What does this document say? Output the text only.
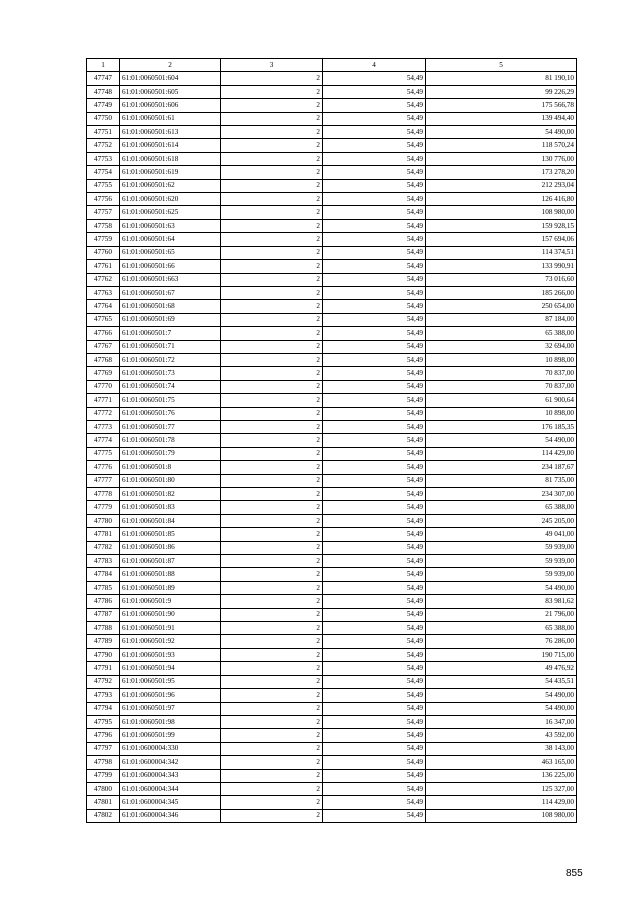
1	2	3	4	5
47747	61:01:0060501:604	2	54,49	81 190,10
47748	61:01:0060501:605	2	54,49	99 226,29
47749	61:01:0060501:606	2	54,49	175 566,78
47750	61:01:0060501:61	2	54,49	139 494,40
47751	61:01:0060501:613	2	54,49	54 490,00
47752	61:01:0060501:614	2	54,49	118 570,24
47753	61:01:0060501:618	2	54,49	130 776,00
47754	61:01:0060501:619	2	54,49	173 278,20
47755	61:01:0060501:62	2	54,49	212 293,04
47756	61:01:0060501:620	2	54,49	126 416,80
47757	61:01:0060501:625	2	54,49	108 980,00
47758	61:01:0060501:63	2	54,49	159 928,15
47759	61:01:0060501:64	2	54,49	157 694,06
47760	61:01:0060501:65	2	54,49	114 374,51
47761	61:01:0060501:66	2	54,49	133 990,91
47762	61:01:0060501:663	2	54,49	73 016,60
47763	61:01:0060501:67	2	54,49	185 266,00
47764	61:01:0060501:68	2	54,49	250 654,00
47765	61:01:0060501:69	2	54,49	87 184,00
47766	61:01:0060501:7	2	54,49	65 388,00
47767	61:01:0060501:71	2	54,49	32 694,00
47768	61:01:0060501:72	2	54,49	10 898,00
47769	61:01:0060501:73	2	54,49	70 837,00
47770	61:01:0060501:74	2	54,49	70 837,00
47771	61:01:0060501:75	2	54,49	61 900,64
47772	61:01:0060501:76	2	54,49	10 898,00
47773	61:01:0060501:77	2	54,49	176 185,35
47774	61:01:0060501:78	2	54,49	54 490,00
47775	61:01:0060501:79	2	54,49	114 429,00
47776	61:01:0060501:8	2	54,49	234 187,67
47777	61:01:0060501:80	2	54,49	81 735,00
47778	61:01:0060501:82	2	54,49	234 307,00
47779	61:01:0060501:83	2	54,49	65 388,00
47780	61:01:0060501:84	2	54,49	245 205,00
47781	61:01:0060501:85	2	54,49	49 041,00
47782	61:01:0060501:86	2	54,49	59 939,00
47783	61:01:0060501:87	2	54,49	59 939,00
47784	61:01:0060501:88	2	54,49	59 939,00
47785	61:01:0060501:89	2	54,49	54 490,00
47786	61:01:0060501:9	2	54,49	83 981,62
47787	61:01:0060501:90	2	54,49	21 796,00
47788	61:01:0060501:91	2	54,49	65 388,00
47789	61:01:0060501:92	2	54,49	76 286,00
47790	61:01:0060501:93	2	54,49	190 715,00
47791	61:01:0060501:94	2	54,49	49 476,92
47792	61:01:0060501:95	2	54,49	54 435,51
47793	61:01:0060501:96	2	54,49	54 490,00
47794	61:01:0060501:97	2	54,49	54 490,00
47795	61:01:0060501:98	2	54,49	16 347,00
47796	61:01:0060501:99	2	54,49	43 592,00
47797	61:01:0600004:330	2	54,49	38 143,00
47798	61:01:0600004:342	2	54,49	463 165,00
47799	61:01:0600004:343	2	54,49	136 225,00
47800	61:01:0600004:344	2	54,49	125 327,00
47801	61:01:0600004:345	2	54,49	114 429,00
47802	61:01:0600004:346	2	54,49	108 980,00
855
